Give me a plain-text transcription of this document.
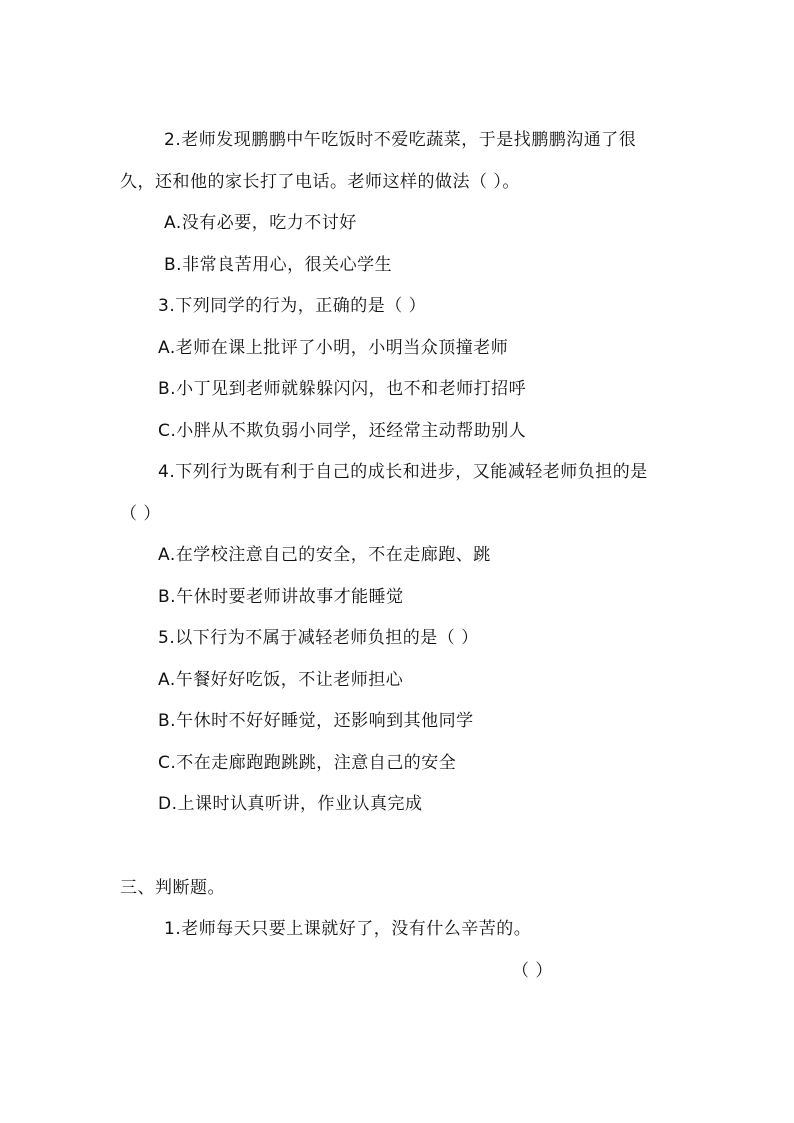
2.老师发现鹏鹏中午吃饭时不爱吃蔬菜，于是找鹏鹏沟通了很
久，还和他的家长打了电话。老师这样的做法（ ）。
A.没有必要，吃力不讨好
B.非常良苦用心，很关心学生
3.下列同学的行为，正确的是（ ）
A.老师在课上批评了小明，小明当众顶撞老师
B.小丁见到老师就躲躲闪闪，也不和老师打招呼
C.小胖从不欺负弱小同学，还经常主动帮助别人
4.下列行为既有利于自己的成长和进步，又能减轻老师负担的是
（ ）
A.在学校注意自己的安全，不在走廊跑、跳
B.午休时要老师讲故事才能睡觉
5.以下行为不属于减轻老师负担的是（ ）
A.午餐好好吃饭，不让老师担心
B.午休时不好好睡觉，还影响到其他同学
C.不在走廊跑跑跳跳，注意自己的安全
D.上课时认真听讲，作业认真完成
三、判断题。
1.老师每天只要上课就好了，没有什么辛苦的。
（ ）
